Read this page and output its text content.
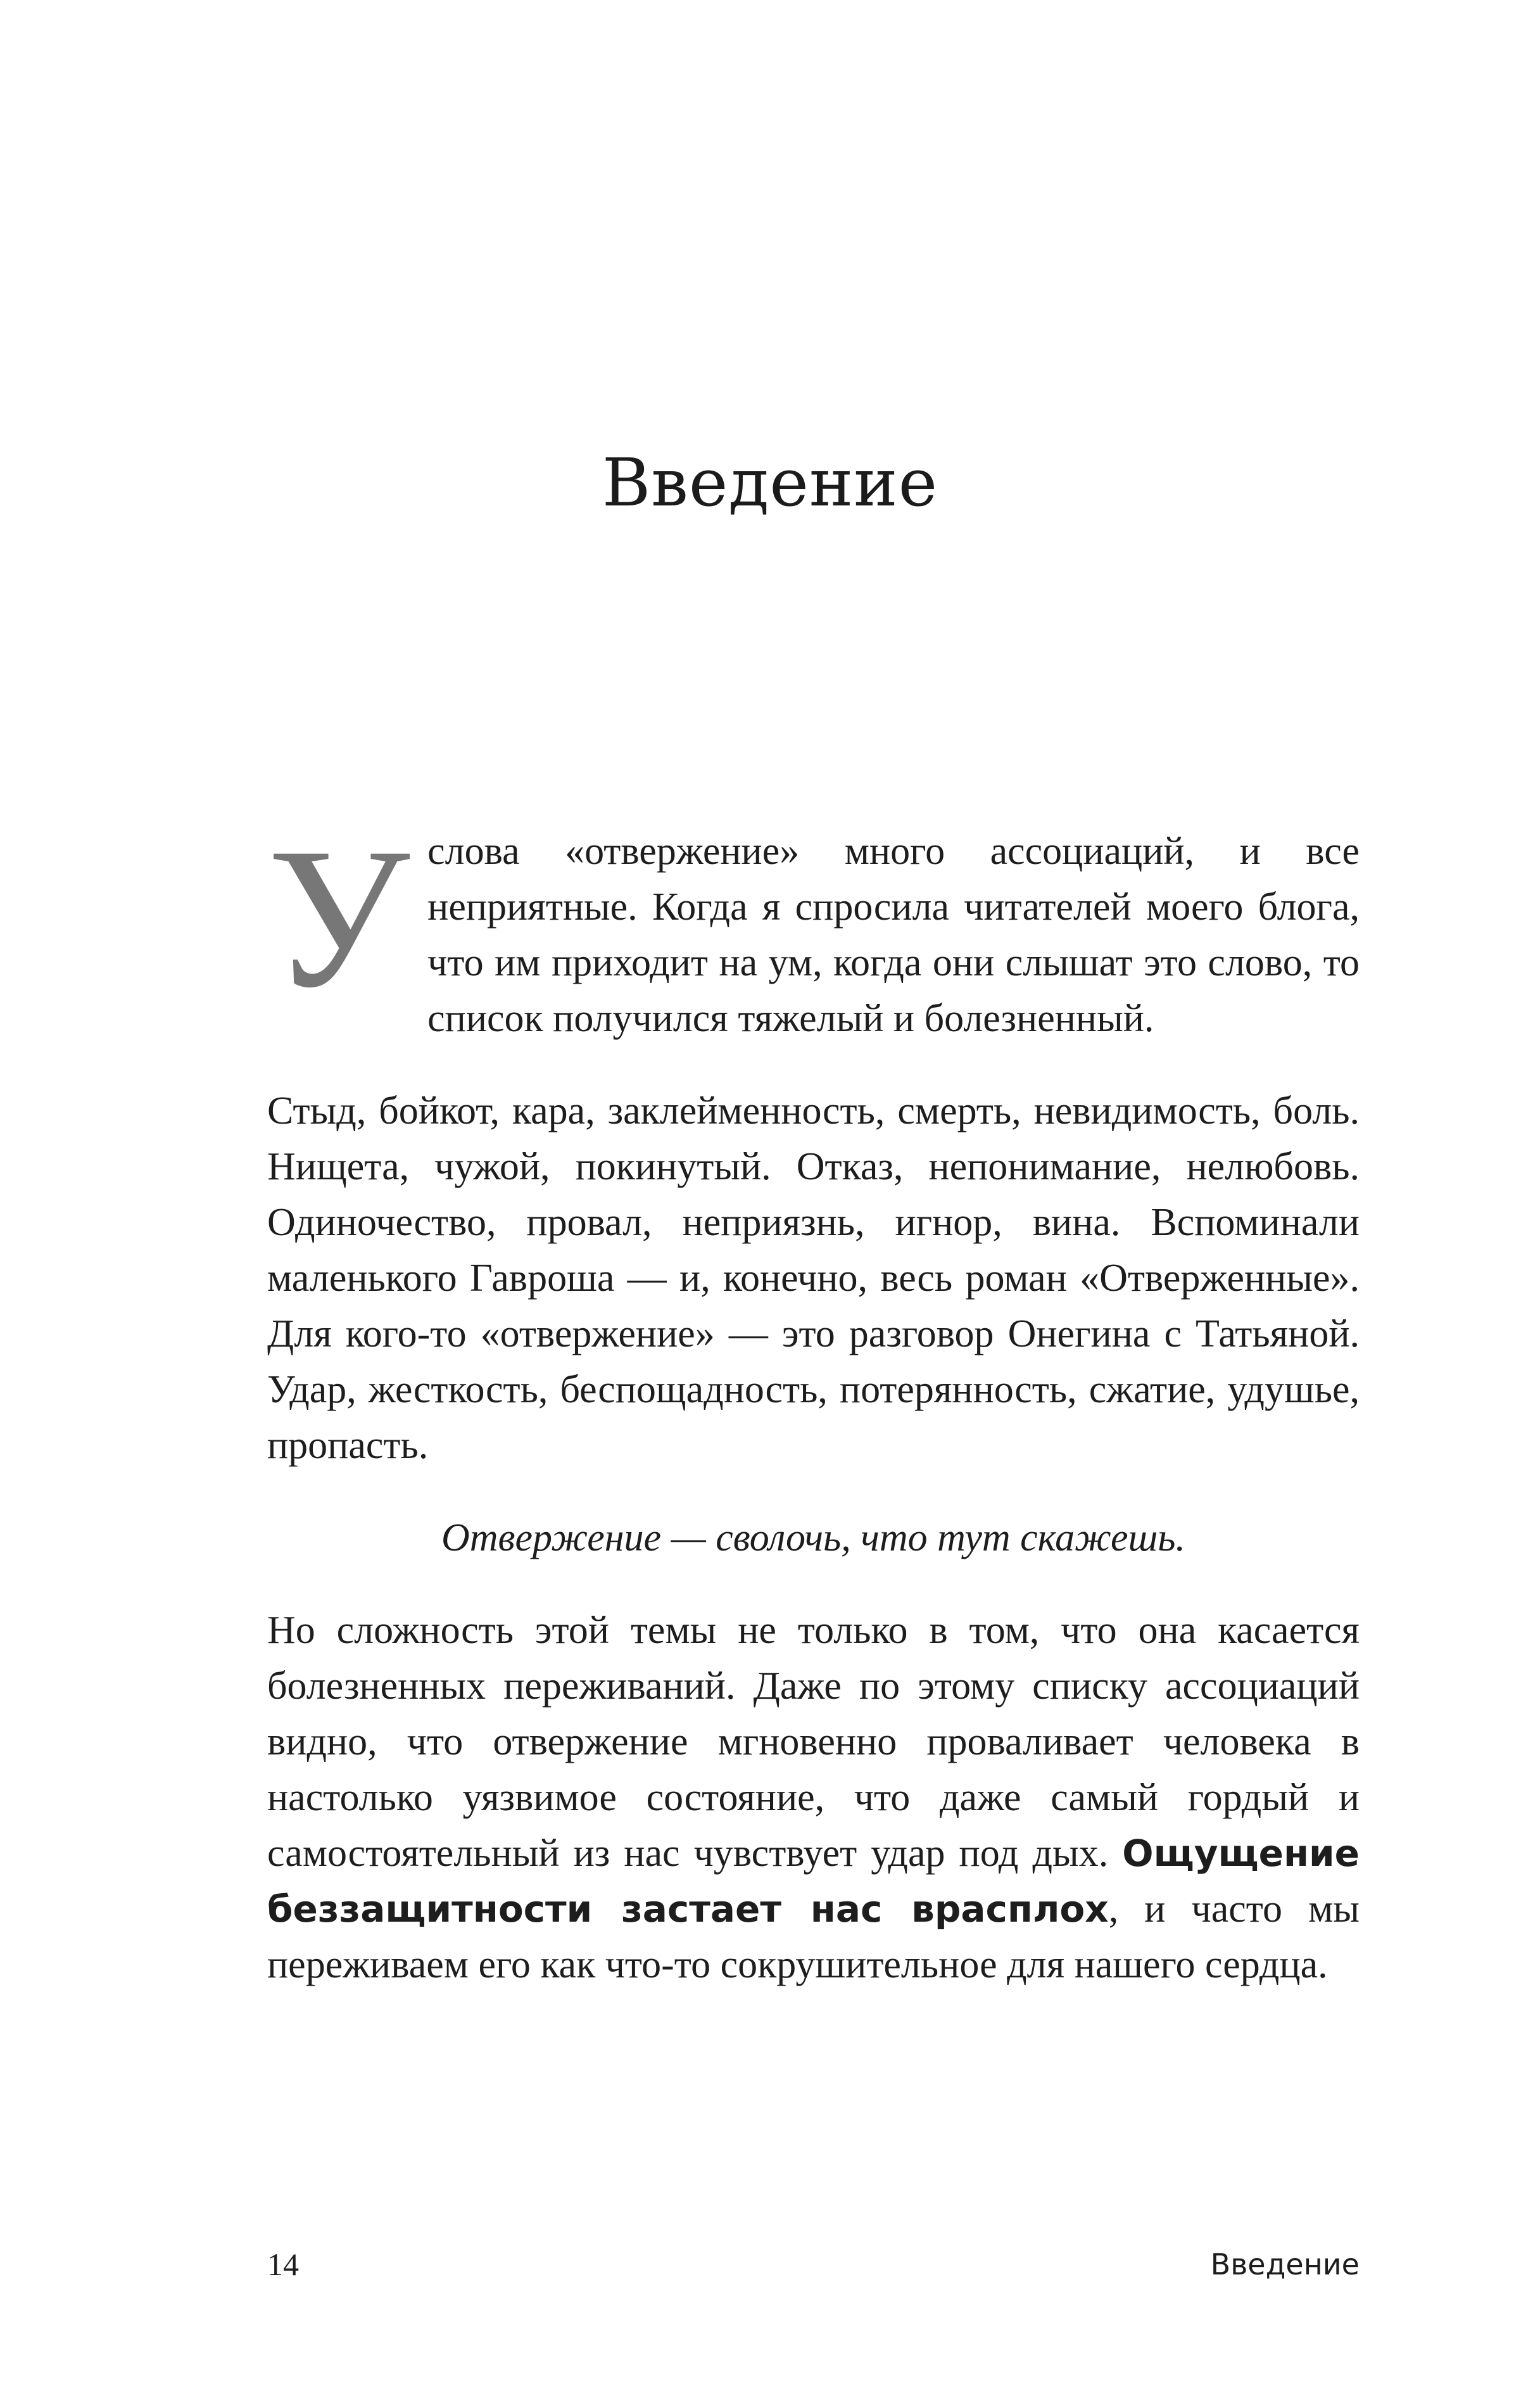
Введение

Услова «отвержение» много ассоциаций, и все неприятные. Когда я спросила читателей моего блога, что им приходит на ум, когда они слышат это слово, то список получился тяжелый и болезненный.

Стыд, бойкот, кара, заклейменность, смерть, невидимость, боль. Нищета, чужой, покинутый. Отказ, непонимание, нелюбовь. Одиночество, провал, неприязнь, игнор, вина. Вспоминали маленького Гавроша — и, конечно, весь роман «Отверженные». Для кого-то «отвержение» — это разговор Онегина с Татьяной. Удар, жесткость, беспощадность, потерянность, сжатие, удушье, пропасть.

Отвержение — сволочь, что тут скажешь.

Но сложность этой темы не только в том, что она касается болезненных переживаний. Даже по этому списку ассоциаций видно, что отвержение мгновенно проваливает человека в настолько уязвимое состояние, что даже самый гордый и самостоятельный из нас чувствует удар под дых. Ощущение беззащитности застает нас врасплох, и часто мы переживаем его как что-то сокрушительное для нашего сердца.

14	Введение
